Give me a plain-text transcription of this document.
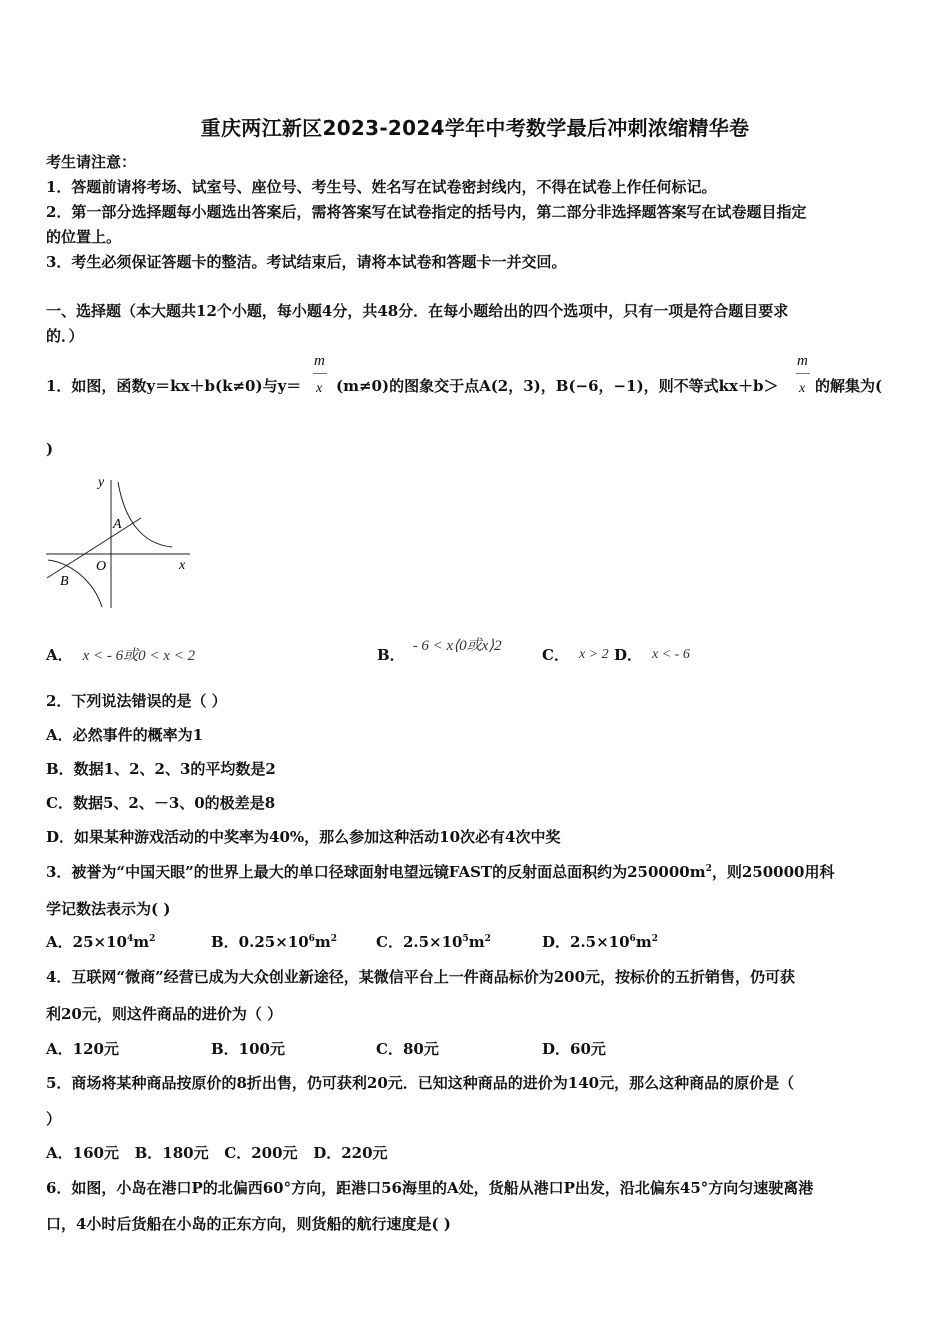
重庆两江新区2023-2024学年中考数学最后冲刺浓缩精华卷
考生请注意：
1．答题前请将考场、试室号、座位号、考生号、姓名写在试卷密封线内，不得在试卷上作任何标记。
2．第一部分选择题每小题选出答案后，需将答案写在试卷指定的括号内，第二部分非选择题答案写在试卷题目指定
的位置上。
3．考生必须保证答题卡的整洁。考试结束后，请将本试卷和答题卡一并交回。
一、选择题（本大题共12个小题，每小题4分，共48分．在每小题给出的四个选项中，只有一项是符合题目要求
的．）
1．如图，函数y＝kx＋b(k≠0)与y＝
m
x (m≠0)的图象交于点A(2，3)，B(−6，−1)，则不等式kx＋b＞
m
x 的解集为(
)
y
x
O
A
B
A． x < - 6或0 < x < 2	B． - 6 < x⟨0或x⟩2	C． x > 2 D． x < - 6
2．下列说法错误的是（ ）
A．必然事件的概率为1
B．数据1、2、2、3的平均数是2
C．数据5、2、－3、0的极差是8
D．如果某种游戏活动的中奖率为40%，那么参加这种活动10次必有4次中奖
3．被誉为“中国天眼”的世界上最大的单口径球面射电望远镜FAST的反射面总面积约为$250000m^2$，则250000用科
学记数法表示为( )
A．$25\times 10^4m^2$	B．$0.25\times 10^6m^2$	C．$2.5\times 10^5m^2$	D．$2.5\times 10^6m^2$
4．互联网“微商”经营已成为大众创业新途径，某微信平台上一件商品标价为200元，按标价的五折销售，仍可获
利20元，则这件商品的进价为（ ）
A．120元	B．100元	C．80元	D．60元
5．商场将某种商品按原价的8折出售，仍可获利20元．已知这种商品的进价为140元，那么这种商品的原价是（
）
A．160元   B．180元   C．200元   D．220元
6．如图，小岛在港口P的北偏西60°方向，距港口56海里的A处，货船从港口P出发，沿北偏东45°方向匀速驶离港
口，4小时后货船在小岛的正东方向，则货船的航行速度是( )
